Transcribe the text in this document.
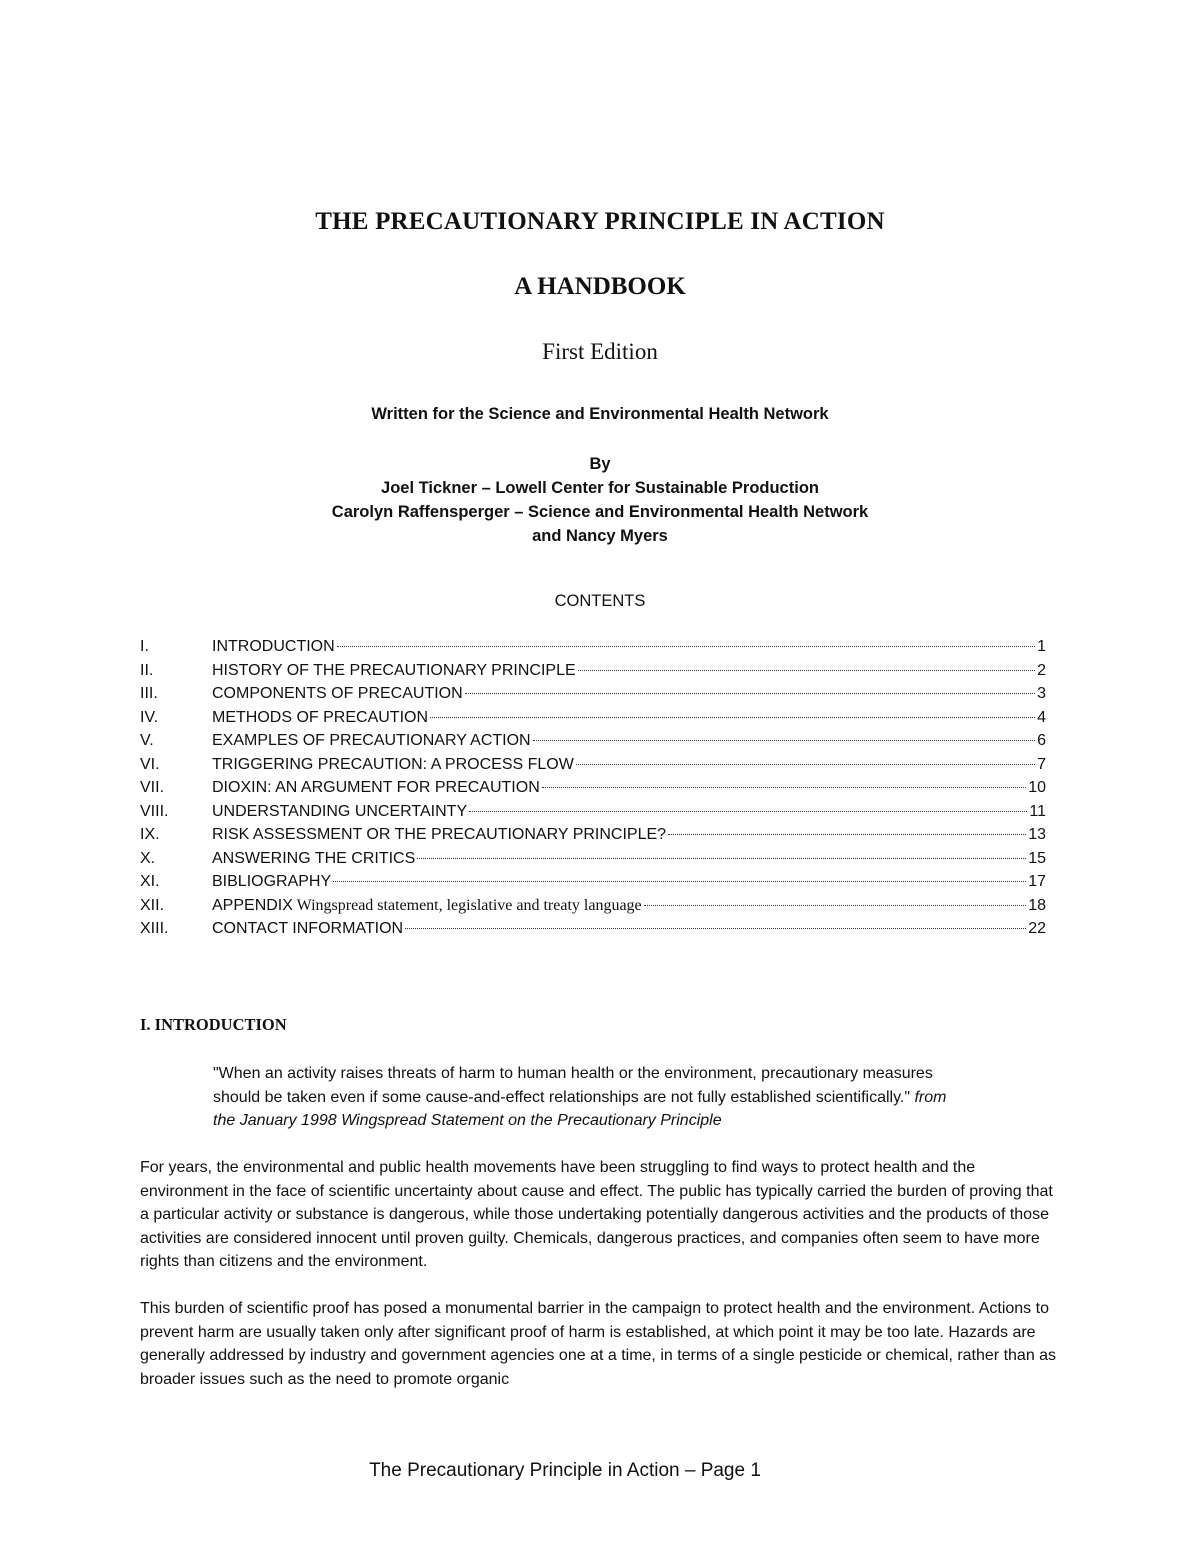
THE PRECAUTIONARY PRINCIPLE IN ACTION
A HANDBOOK
First Edition
Written for the Science and Environmental Health Network
By
Joel Tickner – Lowell Center for Sustainable Production
Carolyn Raffensperger – Science and Environmental Health Network
and Nancy Myers
CONTENTS
I.	INTRODUCTION	1
II.	HISTORY OF THE PRECAUTIONARY PRINCIPLE	2
III.	COMPONENTS OF PRECAUTION	3
IV.	METHODS OF PRECAUTION	4
V.	EXAMPLES OF PRECAUTIONARY ACTION	6
VI.	TRIGGERING PRECAUTION: A PROCESS FLOW	7
VII.	DIOXIN: AN ARGUMENT FOR PRECAUTION	10
VIII.	UNDERSTANDING UNCERTAINTY	11
IX.	RISK ASSESSMENT OR THE PRECAUTIONARY PRINCIPLE?	13
X.	ANSWERING THE CRITICS	15
XI.	BIBLIOGRAPHY	17
XII.	APPENDIX Wingspread statement, legislative and treaty language	18
XIII.	CONTACT INFORMATION	22
I. INTRODUCTION
"When an activity raises threats of harm to human health or the environment, precautionary measures should be taken even if some cause-and-effect relationships are not fully established scientifically." from the January 1998 Wingspread Statement on the Precautionary Principle
For years, the environmental and public health movements have been struggling to find ways to protect health and the environment in the face of scientific uncertainty about cause and effect. The public has typically carried the burden of proving that a particular activity or substance is dangerous, while those undertaking potentially dangerous activities and the products of those activities are considered innocent until proven guilty. Chemicals, dangerous practices, and companies often seem to have more rights than citizens and the environment.
This burden of scientific proof has posed a monumental barrier in the campaign to protect health and the environment. Actions to prevent harm are usually taken only after significant proof of harm is established, at which point it may be too late. Hazards are generally addressed by industry and government agencies one at a time, in terms of a single pesticide or chemical, rather than as broader issues such as the need to promote organic
The Precautionary Principle in Action – Page 1
